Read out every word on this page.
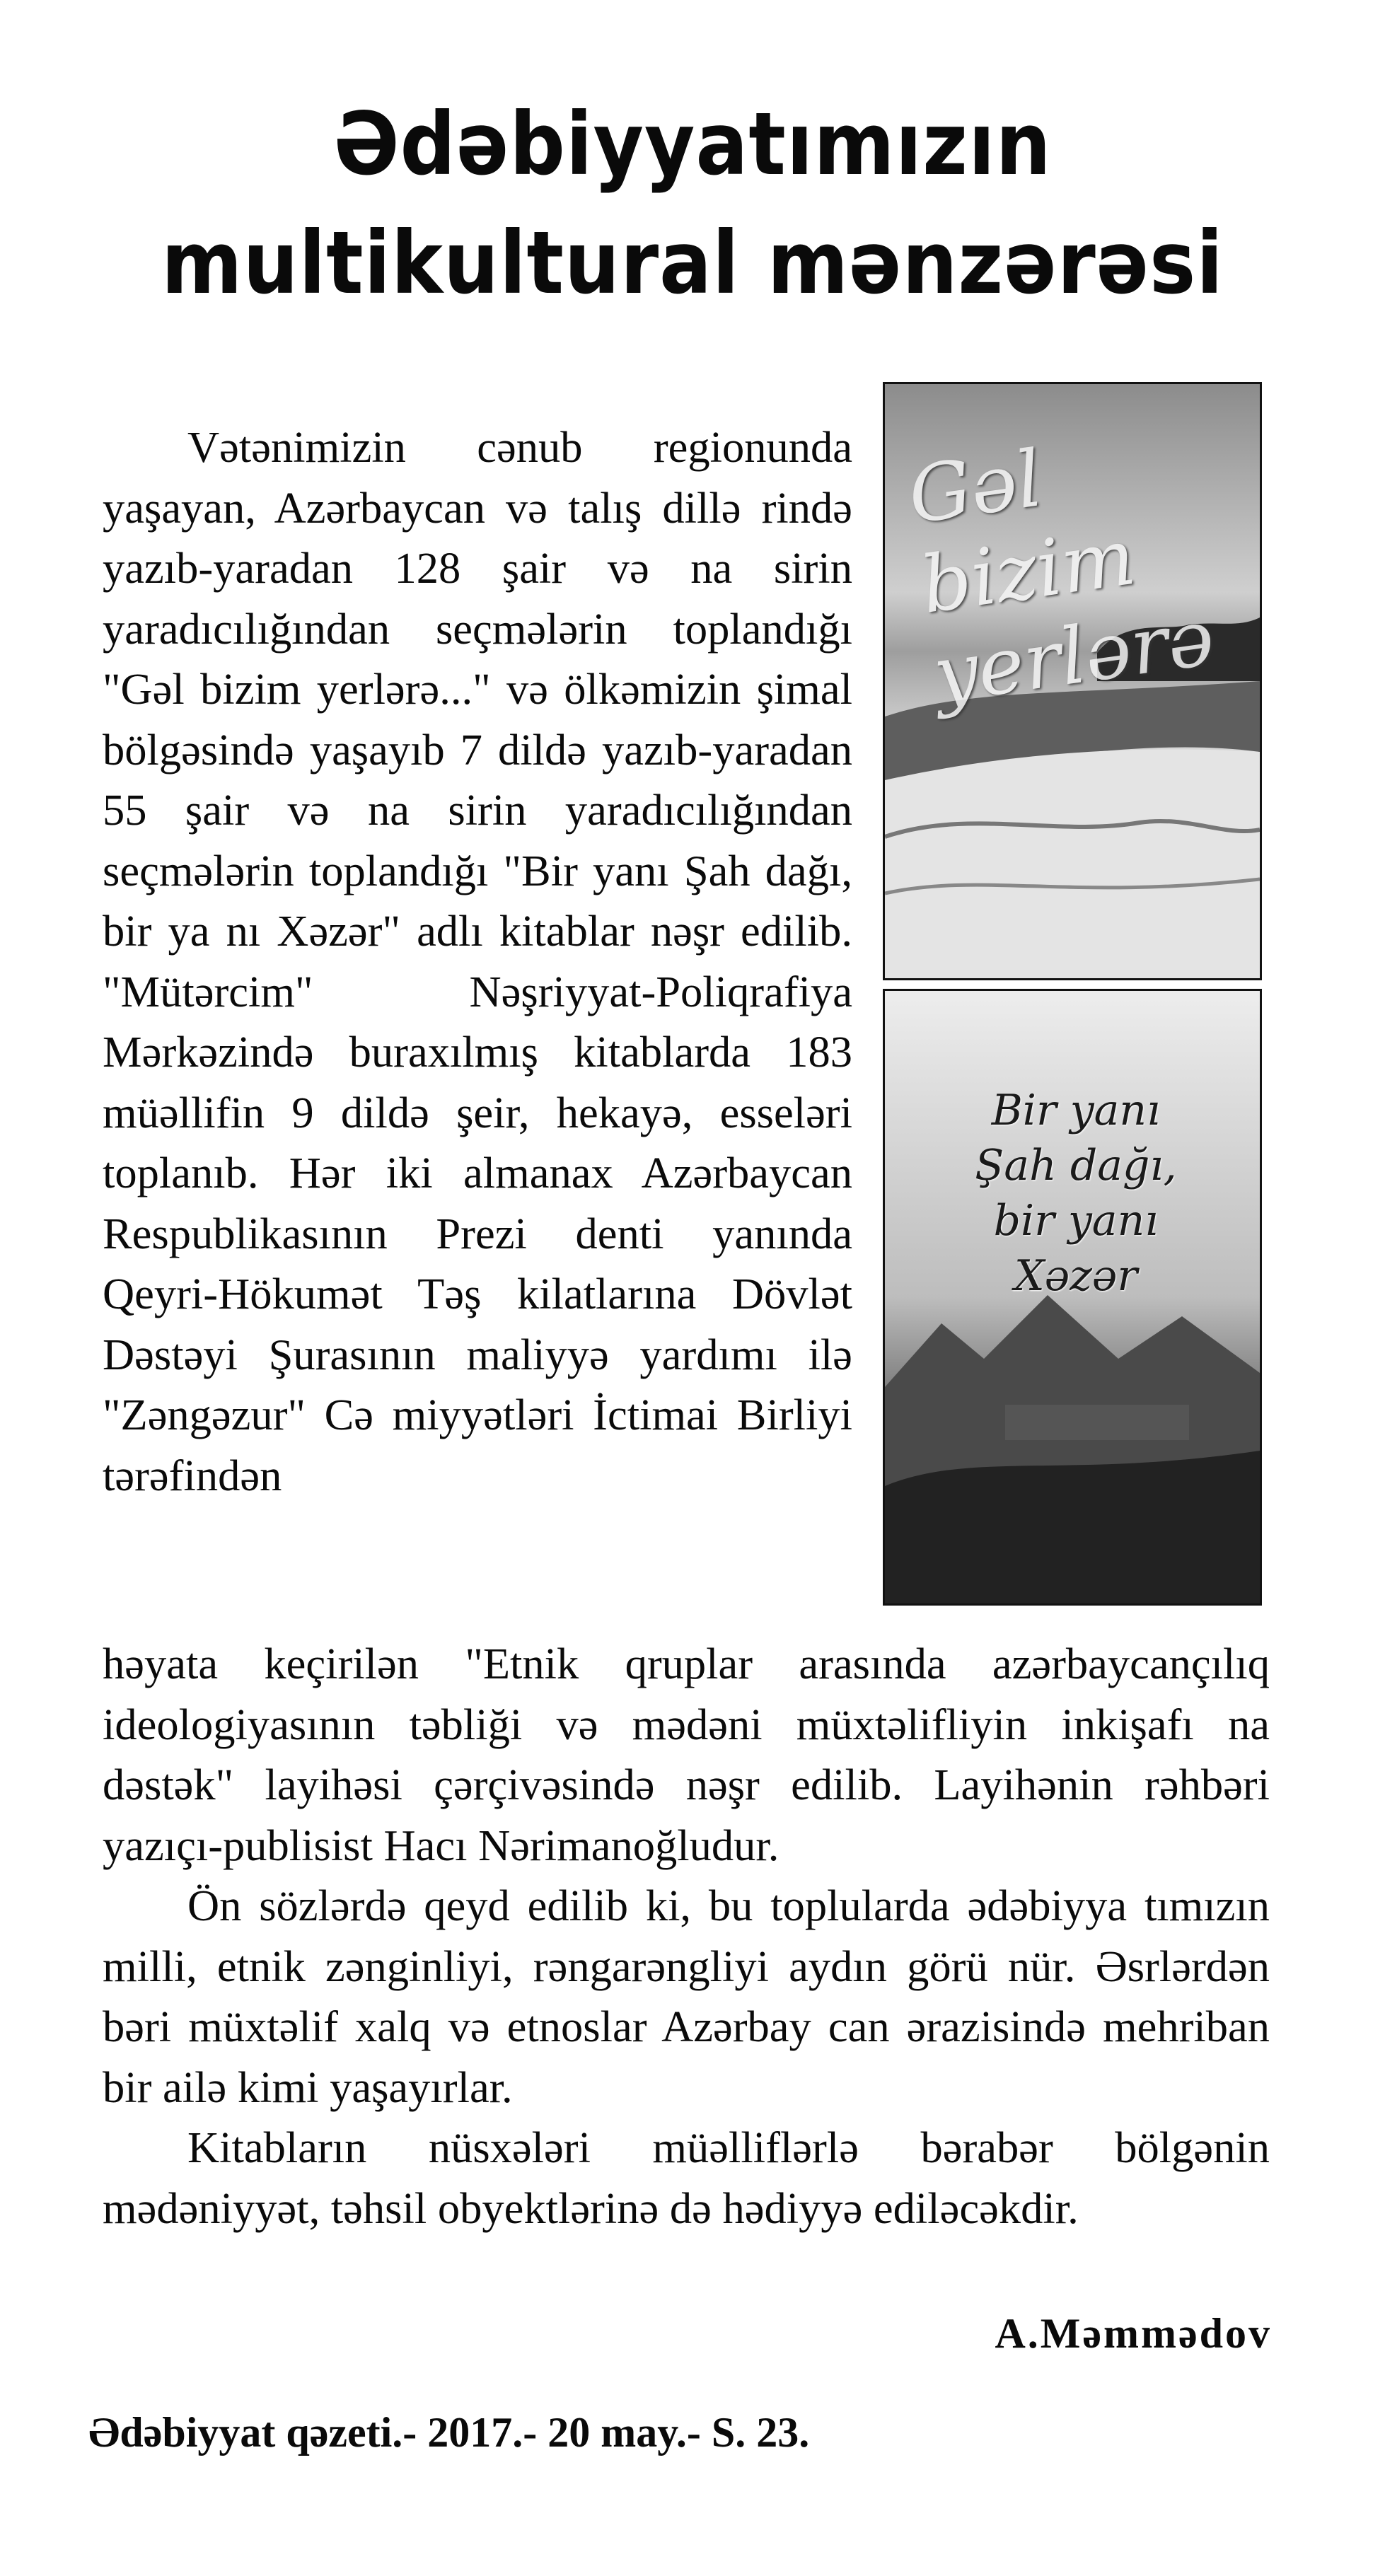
Ədəbiyyatımızın
multikultural mənzərəsi
Gəl bizim yerlərə
Bir yanı
Şah dağı,
bir yanı
Xəzər

Vətənimizin cənub regionunda yaşayan, Azərbaycan və talış dillə rində yazıb-yaradan 128 şair və na sirin yaradıcılığından seçmələrin toplandığı "Gəl bizim yerlərə..." və ölkəmizin şimal bölgəsində yaşayıb 7 dildə yazıb-yaradan 55 şair və na sirin yaradıcılığından seçmələrin toplandığı "Bir yanı Şah dağı, bir ya nı Xəzər" adlı kitablar nəşr edilib. "Mütərcim" Nəşriyyat-Poliqrafiya Mərkəzində buraxılmış kitablarda 183 müəllifin 9 dildə şeir, hekayə, esseləri toplanıb. Hər iki almanax Azərbaycan Respublikasının Prezi denti yanında Qeyri-Hökumət Təş kilatlarına Dövlət Dəstəyi Şurasının maliyyə yardımı ilə "Zəngəzur" Cə miyyətləri İctimai Birliyi tərəfindən

həyata keçirilən "Etnik qruplar arasında azərbaycançılıq ideologiyasının təbliği və mədəni müxtəlifliyin inkişafı na dəstək" layihəsi çərçivəsində nəşr edilib. Layihənin rəhbəri yazıçı-publisist Hacı Nərimanoğludur.

Ön sözlərdə qeyd edilib ki, bu toplularda ədəbiyya tımızın milli, etnik zənginliyi, rəngarəngliyi aydın görü nür. Əsrlərdən bəri müxtəlif xalq və etnoslar Azərbay can ərazisində mehriban bir ailə kimi yaşayırlar.

Kitabların nüsxələri müəlliflərlə bərabər bölgənin mədəniyyət, təhsil obyektlərinə də hədiyyə ediləcəkdir.

A.Məmmədov
Ədəbiyyat qəzeti.- 2017.- 20 may.- S. 23.
